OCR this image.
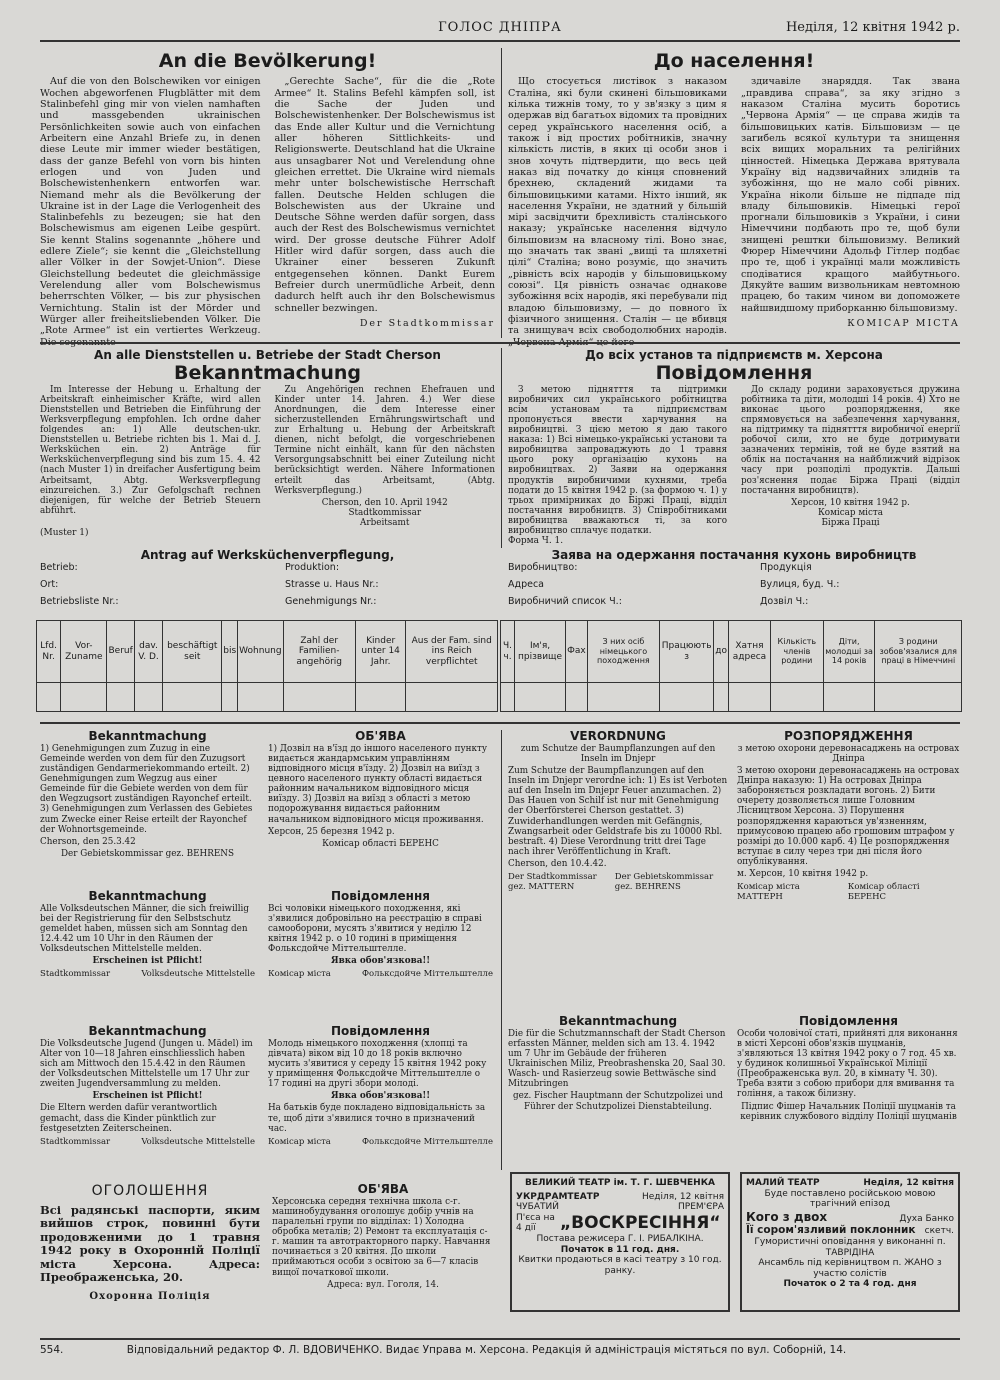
ГОЛОС ДНІПРА	Неділя, 12 квітня 1942 р.
An die Bevölkerung!

Auf die von den Bolschewiken vor einigen Wochen abgeworfenen Flugblätter mit dem Stalinbefehl ging mir von vielen namhaften und massgebenden ukrainischen Persönlichkeiten sowie auch von einfachen Arbeitern eine Anzahl Briefe zu, in denen diese Leute mir immer wieder bestätigen, dass der ganze Befehl von vorn bis hinten erlogen und von Juden und Bolschewistenhenkern entworfen war. Niemand mehr als die Bevölkerung der Ukraine ist in der Lage die Verlogenheit des Stalinbefehls zu bezeugen; sie hat den Bolschewismus am eigenen Leibe gespürt. Sie kennt Stalins sogenannte „höhere und edlere Ziele“; sie kennt die „Gleichstellung aller Völker in der Sowjet-Union“. Diese Gleichstellung bedeutet die gleichmässige Verelendung aller vom Bolschewismus beherrschten Völker, — bis zur physischen Vernichtung. Stalin ist der Mörder und Würger aller freiheitsliebenden Völker. Die „Rote Armee“ ist ein vertiertes Werkzeug.

„Gerechte Sache“, für die die „Rote Armee“ lt. Stalins Befehl kämpfen soll, ist die Sache der Juden und Bolschewistenhenker. Der Bolschewismus ist das Ende aller Kultur und die Vernichtung aller höheren Sittlichkeits- und Religionswerte. Deutschland hat die Ukraine aus unsagbarer Not und Verelendung ohne gleichen errettet. Die Ukraine wird niemals mehr unter bolschewistische Herrschaft fallen. Deutsche Helden schlugen die Bolschewisten aus der Ukraine und Deutsche Söhne werden dafür sorgen, dass auch der Rest des Bolschewismus vernichtet wird. Der grosse deutsche Führer Adolf Hitler wird dafür sorgen, dass auch die Ukrainer einer besseren Zukunft entgegensehen können. Dankt Eurem Befreier durch unermüdliche Arbeit, denn dadurch helft auch ihr den Bolschewismus schneller bezwingen.

Der Stadtkommissar
До населення!

Що стосується листівок з наказом Сталіна, які були скинені більшовиками кілька тижнів тому, то у зв'язку з цим я одержав від багатьох відомих та провідних серед українського населення осіб, а також і від простих робітників, значну кількість листів, в яких ці особи знов і знов хочуть підтвердити, що весь цей наказ від початку до кінця сповнений брехнею, складений жидами та більшовицькими катами. Ніхто інший, як населення України, не здатний у більшій мірі засвідчити брехливість сталінського наказу; українське населення відчуло більшовизм на власному тілі. Воно знає, що значать так звані „вищі та шляхетні цілі“ Сталіна; воно розуміє, що значить „рівність всіх народів у більшовицькому союзі“. Ця рівність означає однакове зубожіння всіх народів, які перебували під владою більшовизму, — до повного їх фізичного знищення. Сталін — це вбивця та знищувач всіх свободолюбних народів.

здичавіле знаряддя. Так звана „правдива справа“, за яку згідно з наказом Сталіна мусить боротись „Червона Армія“ — це справа жидів та більшовицьких катів. Більшовизм — це загибель всякої культури та знищення всіх вищих моральних та релігійних цінностей. Німецька Держава врятувала Україну від надзвичайних злиднів та зубожіння, що не мало собі рівних. Україна ніколи більше не підпаде під владу більшовиків. Німецькі герої прогнали більшовиків з України, і сини Німеччини подбають про те, щоб були знищені рештки більшовизму. Великий Фюрер Німеччини Адольф Гітлер подбає про те, щоб і українці мали можливість сподіватися кращого майбутнього. Дякуйте вашим визвольникам невтомною працею, бо таким чином ви допоможете найшвидшому приборканню більшовизму.

КОМІСАР МІСТА
An alle Dienststellen u. Betriebe der Stadt Cherson
Bekanntmachung

Im Interesse der Hebung u. Erhaltung der Arbeitskraft einheimischer Kräfte, wird allen Dienststellen und Betrieben die Einführung der Werksverpflegung empfohlen. Ich ordne daher folgendes an: 1) Alle deutschen-ukr. Dienststellen u. Betriebe richten bis 1. Mai d. J. Werksküchen ein. 2) Anträge für Werksküchenverpflegung sind bis zum 15. 4. 42 (nach Muster 1) in dreifacher Ausfertigung beim Arbeitsamt, Abtg. Werksverpflegung einzureichen. 3.) Zur Gefolgschaft rechnen diejenigen, für welche der Betrieb Steuern abführt.

Zu Angehörigen rechnen Ehefrauen und Kinder unter 14. Jahren. 4.) Wer diese Anordnungen, die dem Interesse einer sicherzustellenden Ernährungswirtschaft und zur Erhaltung u. Hebung der Arbeitskraft dienen, nicht befolgt, die vorgeschriebenen Termine nicht einhält, kann für den nächsten Versorgungsabschnitt bei einer Zuteilung nicht berücksichtigt werden. Nähere Informationen erteilt das Arbeitsamt, (Abtg. Werksverpflegung.)

Cherson, den 10. April 1942
Stadtkommissar
Arbeitsamt
(Muster 1)
До всіх установ та підприємств м. Херсона
Повідомлення

З метою піднятття та підтримки виробничих сил українського робітництва всім установам та підприємствам пропонується ввести харчування на виробництві. З цією метою я даю такого наказа: 1) Всі німецько-українські установи та виробництва запроваджують до 1 травня цього року організацію кухонь на виробництвах. 2) Заяви на одержання продуктів виробничими кухнями, треба подати до 15 квітня 1942 р. (за формою ч. 1) у трьох примірниках до Біржі Праці, відділ постачання виробництв. 3) Співробітниками виробництва вважаються ті, за кого виробництво сплачує податки.

До складу родини зараховується дружина робітника та діти, молодші 14 років. 4) Хто не виконає цього розпорядження, яке спрямовується на забезпечення харчування, на підтримку та піднятття виробничої енергії робочої сили, хто не буде дотримувати зазначених термінів, той не буде взятий на облік на постачання на найближчий відрізок часу при розподілі продуктів. Дальші роз'яснення подає Біржа Праці (відділ постачання виробництв).

Херсон, 10 квітня 1942 р.
Комісар міста
Біржа Праці
Форма Ч. 1.
Antrag auf Werksküchenverpflegung,
Betrieb:	Produktion:
Ort:	Strasse u. Haus Nr.:
Betriebsliste Nr.:	Genehmigungs Nr.:
Заява на одержання постачання кухонь виробництв
Виробництво:	Продукція
Адреса	Вулиця, буд. Ч.:
Виробничий список Ч.:	Дозвіл Ч.:
Lfd. Nr.	Vor- Zuname	Beruf	dav. V. D.	beschäftigt seit	bis	Wohnung	Zahl der Familien-angehörig	Kinder unter 14 Jahr.	Aus der Fam. sind ins Reich verpflichtet

Ч. ч.	Ім'я, прізвище	Фах	З них осіб німецького походження	Працюють з	до	Хатня адреса	Кількість членів родини	Діти, молодші за 14 років	З родини зобов'язалися для праці в Німеччині

Bekanntmachung

1) Genehmigungen zum Zuzug in eine Gemeinde werden von dem für den Zuzugsort zuständigen Gendarmeriekommando erteilt. 2) Genehmigungen zum Wegzug aus einer Gemeinde für die Gebiete werden von dem für den Wegzugsort zuständigen Rayonchef erteilt. 3) Genehmigungen zum Verlassen des Gebietes zum Zwecke einer Reise erteilt der Rayonchef der Wohnortsgemeinde.

Cherson, den 25.3.42

Der Gebietskommissar gez. BEHRENS

ОБ'ЯВА

1) Дозвіл на в'їзд до іншого населеного пункту видається жандармським управлінням відповідного місця в'їзду. 2) Дозвіл на виїзд з цевного населеного пункту області видається районним начальником відповідного місця виїзду. 3) Дозвіл на виїзд з області з метою подорожування видається районним начальником відповідного місця проживання.

Херсон, 25 березня 1942 р.

Комісар області БЕРЕНС

Bekanntmachung

Alle Volksdeutschen Männer, die sich freiwillig bei der Registrierung für den Selbstschutz gemeldet haben, müssen sich am Sonntag den 12.4.42 um 10 Uhr in den Räumen der Volksdeutschen Mittelstelle melden.

Erscheinen ist Pflicht!

Stadtkommissar	Volksdeutsche Mittelstelle
Повідомлення

Всі чоловіки німецького походження, які з'явилися добровільно на реєстрацію в справі самооборони, мусять з'явитися у неділю 12 квітня 1942 р. о 10 годині в приміщення Фольксдойче Міттельштелле.

Явка обов'язкова!!

Комісар міста	Фольксдойче Міттельштелле
Bekanntmachung

Die Volksdeutsche Jugend (Jungen u. Mädel) im Alter von 10—18 Jahren einschliesslich haben sich am Mittwoch den 15.4.42 in den Räumen der Volksdeutschen Mittelstelle um 17 Uhr zur zweiten Jugendversammlung zu melden.

Erscheinen ist Pflicht!

Die Eltern werden dafür verantwortlich gemacht, dass die Kinder pünktlich zur festgesetzten Zeiterscheinen.

Stadtkommissar	Volksdeutsche Mittelstelle
Повідомлення

Молодь німецького походження (хлопці та дівчата) віком від 10 до 18 років включно мусить з'явитися у середу 15 квітня 1942 року у приміщення Фольксдойче Міттельштелле о 17 годині на другі збори молоді.

Явка обов'язкова!!

На батьків буде покладено відповідальність за те, щоб діти з'явилися точно в призначений час.

Комісар міста	Фольксдойче Міттельштелле
ОГОЛОШЕННЯ

Всі радянські паспорти, яким вийшов строк, повинні бути продовженими до 1 травня 1942 року в Охоронній Поліції міста Херсона. Адреса: Преображенська, 20.

Охоронна Поліція

ОБ'ЯВА

Херсонська середня технічна школа с-г. машинобудування оголошує добір учнів на паралельні групи по відділах: 1) Холодна обробка металів; 2) Ремонт та експлуатація с-г. машин та автотракторного парку. Навчання починається з 20 квітня. До школи приймаються особи з освітою за 6—7 класів вищої початкової школи.

Адреса: вул. Гоголя, 14.

VERORDNUNG

zum Schutze der Baumpflanzungen auf den Inseln im Dnjepr

Zum Schutze der Baumpflanzungen auf den Inseln im Dnjepr verordne ich: 1) Es ist Verboten auf den Inseln im Dnjepr Feuer anzumachen. 2) Das Hauen von Schilf ist nur mit Genehmigung der Oberförsterei Cherson gestattet. 3) Zuwiderhandlungen werden mit Gefängnis, Zwangsarbeit oder Geldstrafe bis zu 10000 Rbl. bestraft. 4) Diese Verordnung tritt drei Tage nach ihrer Veröffentlichung in Kraft.

Cherson, den 10.4.42.

Der Stadtkommissar gez. MATTERN
Der Gebietskommissar gez. BEHRENS
РОЗПОРЯДЖЕННЯ

з метою охорони деревонасаджень на островах Дніпра

З метою охорони деревонасаджень на островах Дніпра наказую: 1) На островах Дніпра забороняється розкладати вогонь. 2) Бити очерету дозволяється лише Головним Лісництвом Херсона. 3) Порушення розпорядження караються ув'язненням, примусовою працею або грошовим штрафом у розмірі до 10.000 карб. 4) Це розпорядження вступає в силу через три дні після його опублікування.

м. Херсон, 10 квітня 1942 р.

Комісар міста МАТТЕРН
Комісар області БЕРЕНС
Bekanntmachung

Die für die Schutzmannschaft der Stadt Cherson erfassten Männer, melden sich am 13. 4. 1942 um 7 Uhr im Gebäude der früheren Ukrainischen Miliz, Preobrashenska 20, Saal 30. Wasch- und Rasierzeug sowie Bettwäsche sind Mitzubringen

gez. Fischer Hauptmann der Schutzpolizei und Führer der Schutzpolizei Dienstabteilung.

Повідомлення

Особи чоловічої статі, прийняті для виконання в місті Херсоні обов'язків шуцманів, з'являються 13 квітня 1942 року о 7 год. 45 хв. у будинок колишньої Української Міліції (Преображенська вул. 20, в кімнату Ч. 30). Треба взяти з собою прибори для вмивання та гоління, а також білизну.

Підпис Фішер Начальник Поліції шуцманів та керівник службового відділу Поліції шуцманів

ВЕЛИКИЙ ТЕАТР ім. Т. Г. ШЕВЧЕНКА
УКРДРАМТЕАТР	Неділя, 12 квітня
ЧУБАТИЙ	ПРЕМ'ЄРА
П'єса на 4 дії	„ВОСКРЕСІННЯ“
Постава режисера Г. І. РИБАЛКІНА.
Початок в 11 год. дня.
Квитки продаються в касі театру з 10 год. ранку.
МАЛИЙ ТЕАТР	Неділя, 12 квітня
Буде поставлено російською мовою трагічний епізод
Кого з двох	Духа Банко
Її сором'язливий поклонник скетч.
Гумористичні оповідання у виконанні п. ТАВРІДІНА
Ансамбль під керівництвом п. ЖАНО з участю солістів
Початок о 2 та 4 год. дня
554.	Відповідальний редактор Ф. Л. ВДОВИЧЕНКО. Видає Управа м. Херсона. Редакція й адміністрація містяться по вул. Соборній, 14.
